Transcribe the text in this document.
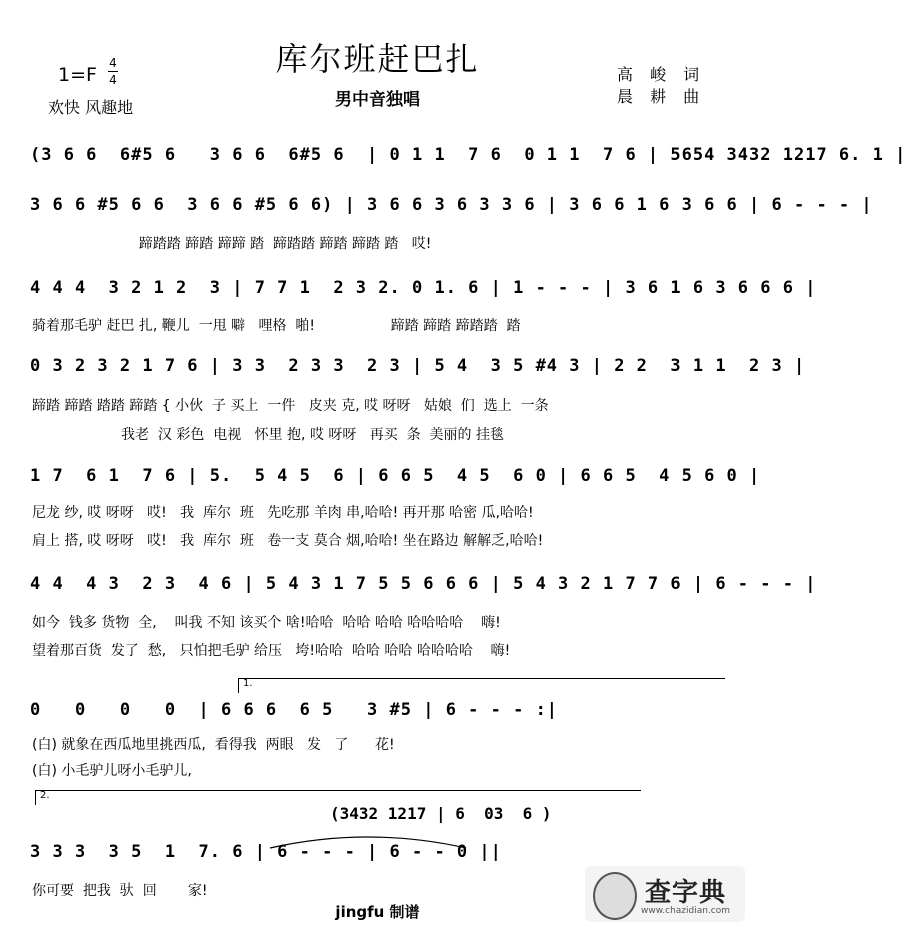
库尔班赶巴扎
男中音独唱
1=F
4
4
欢快 风趣地
高 峻 词
晨 耕 曲
(3 6 6  6#5 6   3 6 6  6#5 6  | 0 1 1  7 6  0 1 1  7 6 | 5654 3432 1217 6. 1 |
3 6 6 #5 6 6  3 6 6 #5 6 6) | 3 6 6 3 6 3 3 6 | 3 6 6 1 6 3 6 6 | 6 - - - |
蹄踏踏 蹄踏 蹄蹄 踏  蹄踏踏 蹄踏 蹄踏 踏   哎!
4 4 4  3 2 1 2  3 | 7 7 1  2 3 2. 0 1. 6 | 1 - - - | 3 6 1 6 3 6 6 6 |
骑着那毛驴 赶巴 扎, 鞭儿  一甩 噼   哩格  啪!                 蹄踏 蹄踏 蹄踏踏  踏
0 3 2 3 2 1 7 6 | 3 3  2 3 3  2 3 | 5 4  3 5 #4 3 | 2 2  3 1 1  2 3 |
蹄踏 蹄踏 踏踏 蹄踏 { 小伙  子 买上  一件   皮夹 克, 哎 呀呀   姑娘  们  选上  一条
我老  汉 彩色  电视   怀里 抱, 哎 呀呀   再买  条  美丽的 挂毯
1 7  6 1  7 6 | 5.  5 4 5  6 | 6 6 5  4 5  6 0 | 6 6 5  4 5 6 0 |
尼龙 纱, 哎 呀呀   哎!   我  库尔  班   先吃那 羊肉 串,哈哈! 再开那 哈密 瓜,哈哈!
肩上 搭, 哎 呀呀   哎!   我  库尔  班   卷一支 莫合 烟,哈哈! 坐在路边 解解乏,哈哈!
4 4  4 3  2 3  4 6 | 5 4 3 1 7 5 5 6 6 6 | 5 4 3 2 1 7 7 6 | 6 - - - |
如今  钱多 货物  全,    叫我 不知 该买个 啥!哈哈  哈哈 哈哈 哈哈哈哈    嗨!
望着那百货  发了  愁,   只怕把毛驴 给压   垮!哈哈  哈哈 哈哈 哈哈哈哈    嗨!
1.
0   0   0   0  | 6 6 6  6 5   3 #5 | 6 - - - :|
(白) 就象在西瓜地里挑西瓜,  看得我  两眼   发   了      花!
(白) 小毛驴儿呀小毛驴儿,
2.
(3432 1217 | 6  03  6 )
3 3 3  3 5  1  7. 6 | 6 - - - | 6 - - 0 ||
你可要  把我  驮  回       家!
jingfu 制谱
查字典
www.chazidian.com
